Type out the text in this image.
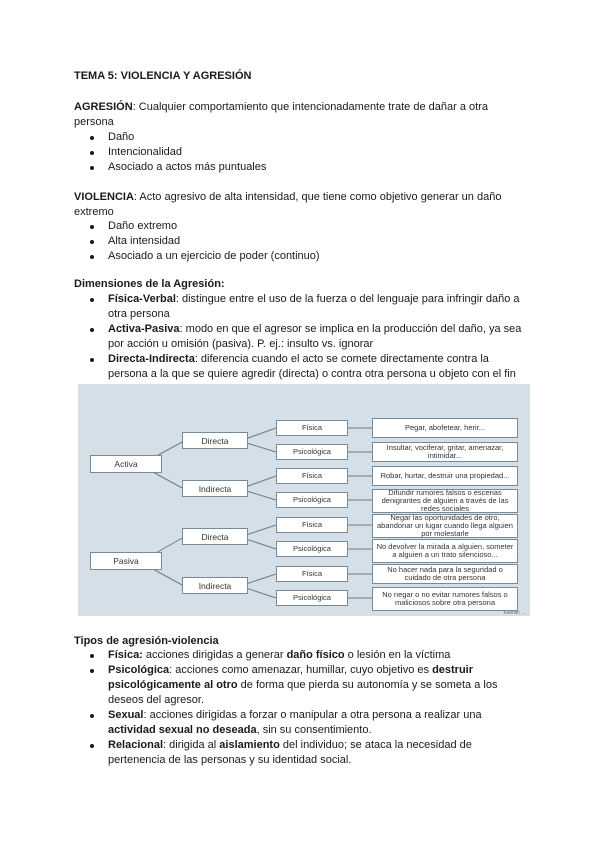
TEMA 5: VIOLENCIA Y AGRESIÓN
AGRESIÓN: Cualquier comportamiento que intencionadamente trate de dañar a otra
persona
Daño
Intencionalidad
Asociado a actos más puntuales
VIOLENCIA: Acto agresivo de alta intensidad, que tiene como objetivo generar un daño
extremo
Daño extremo
Alta intensidad
Asociado a un ejercicio de poder (continuo)
Dimensiones de la Agresión:
Física-Verbal: distingue entre el uso de la fuerza o del lenguaje para infringir daño a
otra persona
Activa-Pasiva: modo en que el agresor se implica en la producción del daño, ya sea
por acción u omisión (pasiva). P. ej.: insulto vs. ignorar
Directa-Indirecta: diferencia cuando el acto se comete directamente contra la
persona a la que se quiere agredir (directa) o contra otra persona u objeto con el fin

Activa
Pasiva
Directa
Indirecta
Directa
Indirecta
Física
Psicológica
Física
Psicológica
Física
Psicológica
Física
Psicológica
Pegar, abofetear, herir...
Insultar, vociferar, gritar, amenazar, intimidar...
Robar, hurtar, destruir una propiedad...
Difundir rumores falsos o escenas denigrantes de alguien a través de las redes sociales
Negar las oportunidades de otro, abandonar un lugar cuando llega alguien por molestarle
No devolver la mirada a alguien, someter a alguien a un trato silencioso...
No hacer nada para la seguridad o cuidado de otra persona
No negar o no evitar rumores falsos o maliciosos sobre otra persona
Fuente: ...
Tipos de agresión-violencia
Física: acciones dirigidas a generar daño físico o lesión en la víctima
Psicológica: acciones como amenazar, humillar, cuyo objetivo es destruir
psicológicamente al otro de forma que pierda su autonomía y se someta a los
deseos del agresor.
Sexual: acciones dirigidas a forzar o manipular a otra persona a realizar una
actividad sexual no deseada, sin su consentimiento.
Relacional: dirigida al aislamiento del individuo; se ataca la necesidad de
pertenencia de las personas y su identidad social.
